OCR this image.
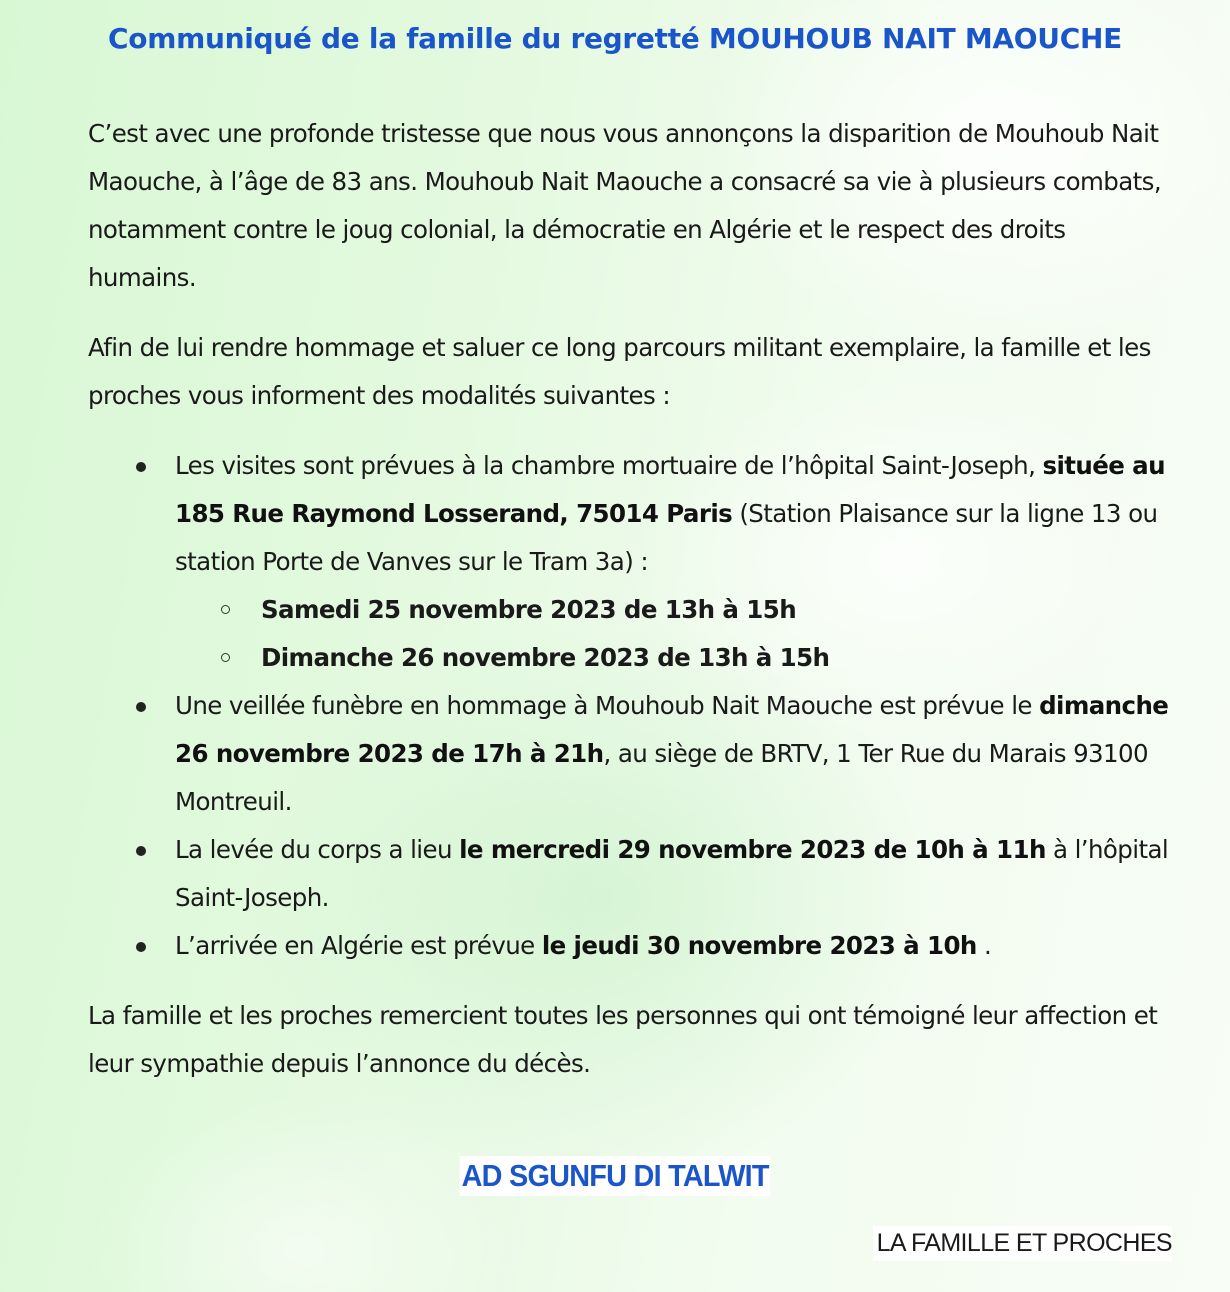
Communiqué de la famille du regretté MOUHOUB NAIT MAOUCHE

C’est avec une profonde tristesse que nous vous annonçons la disparition de Mouhoub Nait Maouche, à l’âge de 83 ans. Mouhoub Nait Maouche a consacré sa vie à plusieurs combats, notamment contre le joug colonial, la démocratie en Algérie et le respect des droits humains.

Afin de lui rendre hommage et saluer ce long parcours militant exemplaire, la famille et les proches vous informent des modalités suivantes :

Les visites sont prévues à la chambre mortuaire de l’hôpital Saint-Joseph, située au 185 Rue Raymond Losserand, 75014 Paris (Station Plaisance sur la ligne 13 ou station Porte de Vanves sur le Tram 3a) :
Samedi 25 novembre 2023 de 13h à 15h
Dimanche 26 novembre 2023 de 13h à 15h
Une veillée funèbre en hommage à Mouhoub Nait Maouche est prévue le dimanche 26 novembre 2023 de 17h à 21h, au siège de BRTV, 1 Ter Rue du Marais 93100 Montreuil.
La levée du corps a lieu le mercredi 29 novembre 2023 de 10h à 11h à l’hôpital Saint-Joseph.
L’arrivée en Algérie est prévue le jeudi 30 novembre 2023 à 10h .

La famille et les proches remercient toutes les personnes qui ont témoigné leur affection et leur sympathie depuis l’annonce du décès.

AD SGUNFU DI TALWIT
LA FAMILLE ET PROCHES
